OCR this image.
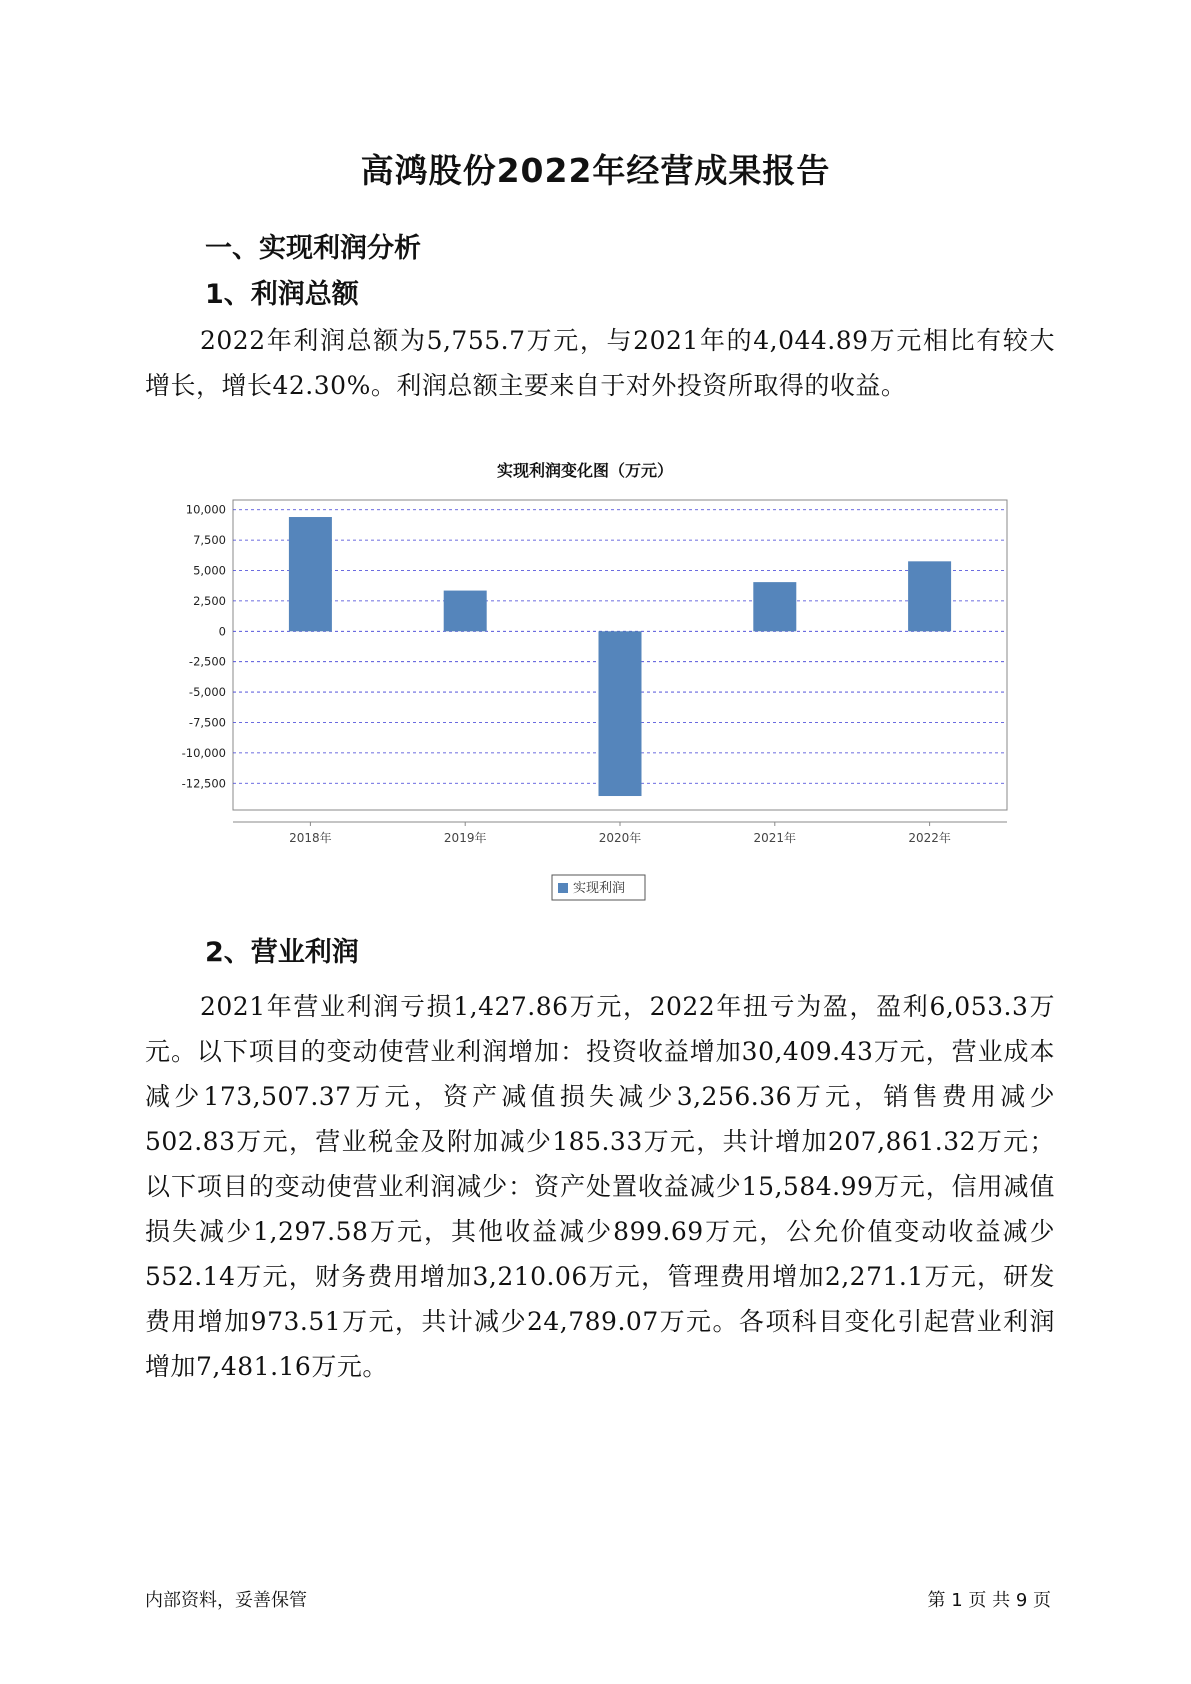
高鸿股份2022年经营成果报告
一、实现利润分析
1、利润总额

2022年利润总额为5,755.7万元，与2021年的4,044.89万元相比有较大增长，增长42.30%。利润总额主要来自于对外投资所取得的收益。

实现利润变化图（万元）
10,000
7,500
5,000
2,500
0
-2,500
-5,000
-7,500
-10,000
-12,500
2018年	2019年	2020年	2021年	2022年
实现利润
2、营业利润

2021年营业利润亏损1,427.86万元，2022年扭亏为盈，盈利6,053.3万元。以下项目的变动使营业利润增加：投资收益增加30,409.43万元，营业成本减少173,507.37万元，资产减值损失减少3,256.36万元，销售费用减少502.83万元，营业税金及附加减少185.33万元，共计增加207,861.32万元；以下项目的变动使营业利润减少：资产处置收益减少15,584.99万元，信用减值损失减少1,297.58万元，其他收益减少899.69万元，公允价值变动收益减少552.14万元，财务费用增加3,210.06万元，管理费用增加2,271.1万元，研发费用增加973.51万元，共计减少24,789.07万元。各项科目变化引起营业利润增加7,481.16万元。

内部资料，妥善保管	第 1 页 共 9 页
